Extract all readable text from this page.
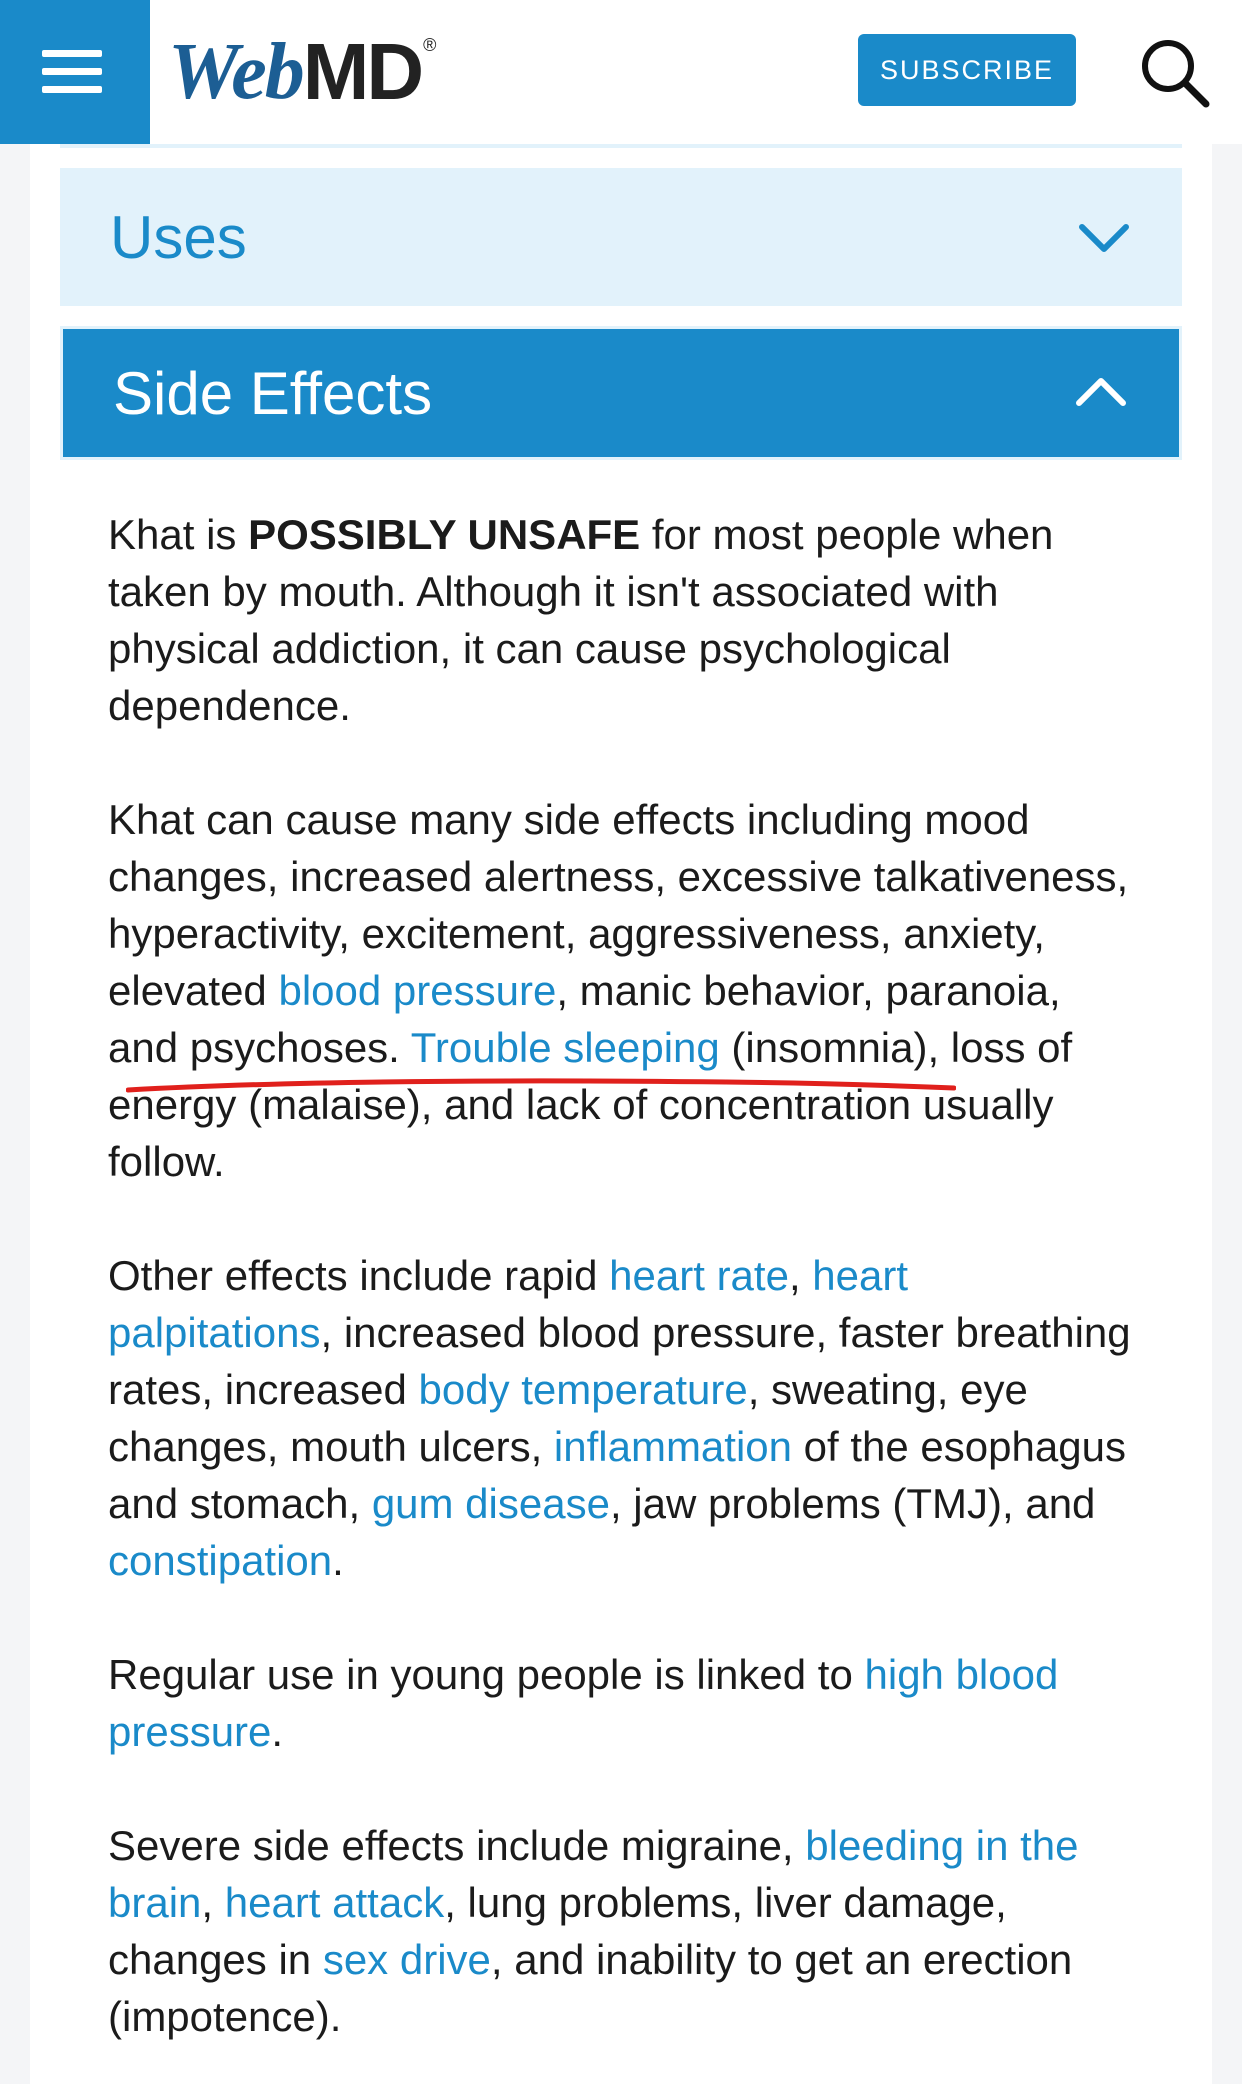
Web MD ®
SUBSCRIBE
Uses
Side Effects

Khat is POSSIBLY UNSAFE for most people when taken by mouth. Although it isn't associated with physical addiction, it can cause psychological dependence.

Khat can cause many side effects including mood changes, increased alertness, excessive talkativeness, hyperactivity, excitement, aggressiveness, anxiety, elevated blood pressure, manic behavior, paranoia, and psychoses. Trouble sleeping (insomnia), loss of energy (malaise), and lack of concentration usually follow.

Other effects include rapid heart rate, heart palpitations, increased blood pressure, faster breathing rates, increased body temperature, sweating, eye changes, mouth ulcers, inflammation of the esophagus and stomach, gum disease, jaw problems (TMJ), and constipation.

Regular use in young people is linked to high blood pressure.

Severe side effects include migraine, bleeding in the brain, heart attack, lung problems, liver damage, changes in sex drive, and inability to get an erection (impotence).
